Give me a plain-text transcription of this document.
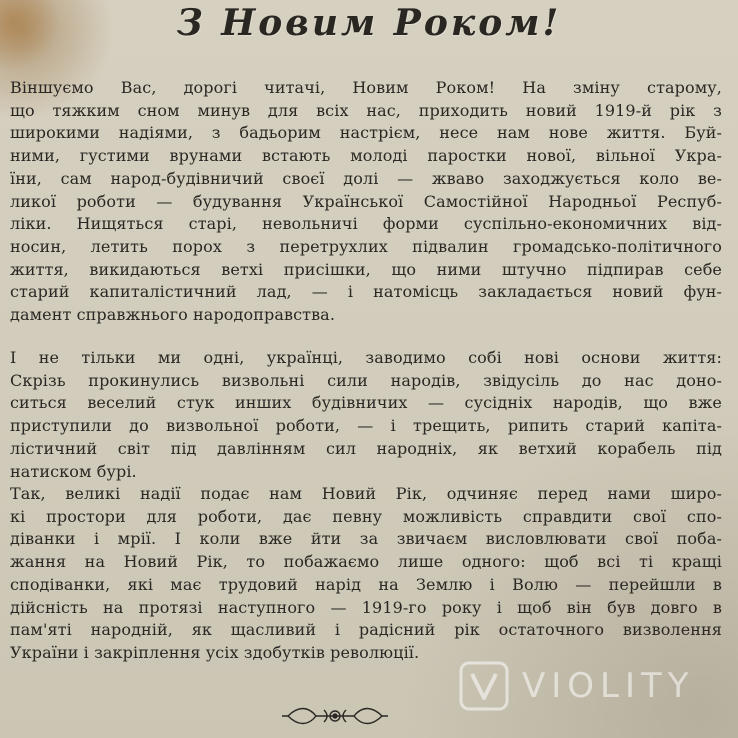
З Новим Роком!

Віншуємо Вас, дорогі читачі, Новим Роком! На зміну старому,
що тяжким сном минув для всіх нас, приходить новий 1919-й рік з
широкими надіями, з бадьорим настрієм, несе нам нове життя. Буй-
ними, густими врунами встають молоді паростки нової, вільної Укра-
їни, сам народ-будівничий своєї долі — жваво заходжується коло ве-
ликої роботи — будування Української Самостійної Народньої Респуб-
ліки. Нищяться старі, невольничі форми суспільно-економичних від-
носин, летить порох з перетрухлих підвалин громадсько-політичного
життя, викидаються ветхі присішки, що ними штучно підпирав себе
старий капиталістичний лад, — і натомісць закладається новий фун-
дамент справжнього народоправства.

І не тільки ми одні, українці, заводимо собі нові основи життя:
Скрізь прокинулись визвольні сили народів, звідусіль до нас доно-
ситься веселий стук инших будівничих — сусідніх народів, що вже
приступили до визвольної роботи, — і трещить, рипить старий капіта-
лістичний світ під давлінням сил народніх, як ветхий корабель під
натиском бурі.

Так, великі надії подає нам Новий Рік, одчиняє перед нами широ-
кі простори для роботи, дає певну можливість справдити свої спо-
діванки і мрії. І коли вже йти за звичаєм висловлювати свої поба-
жання на Новий Рік, то побажаємо лише одного: щоб всі ті кращі
сподіванки, які має трудовий нарід на Землю і Волю — перейшли в
дійсність на протязі наступного — 1919-го року і щоб він був довго в
пам'яті народній, як щасливий і радісний рік остаточного визволення
України і закріплення усіх здобутків революції.

VIOLITY
